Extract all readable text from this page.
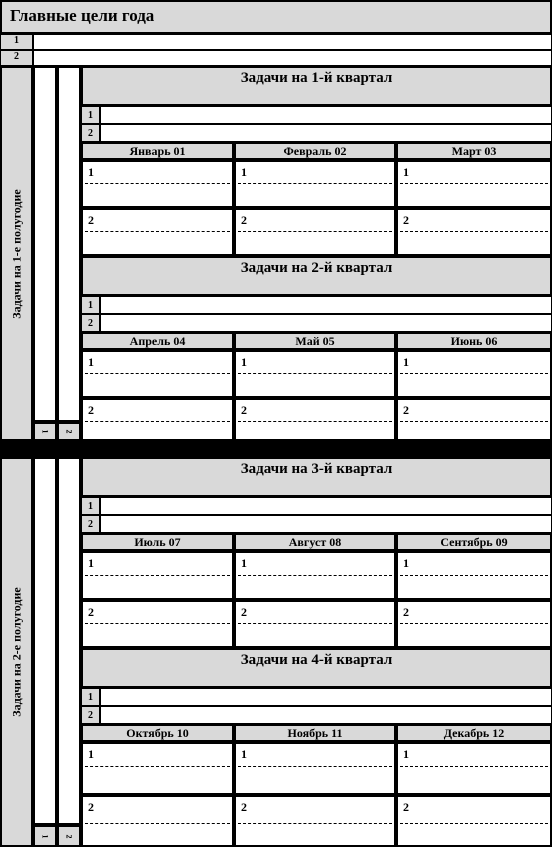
Главные цели года
1
2
Задачи на 1-е полугодие
1 2
Задачи на 1-й квартал
1
2
Январь 01	Февраль 02	Март 03
1	1	1
2	2	2
Задачи на 2-й квартал
1
2
Апрель 04	Май 05	Июнь 06
1	1	1
2	2	2
Задачи на 2-е полугодие
1 2
Задачи на 3-й квартал
1
2
Июль 07	Август 08	Сентябрь 09
1	1	1
2	2	2
Задачи на 4-й квартал
1
2
Октябрь 10	Ноябрь 11	Декабрь 12
1	1	1
2	2	2
